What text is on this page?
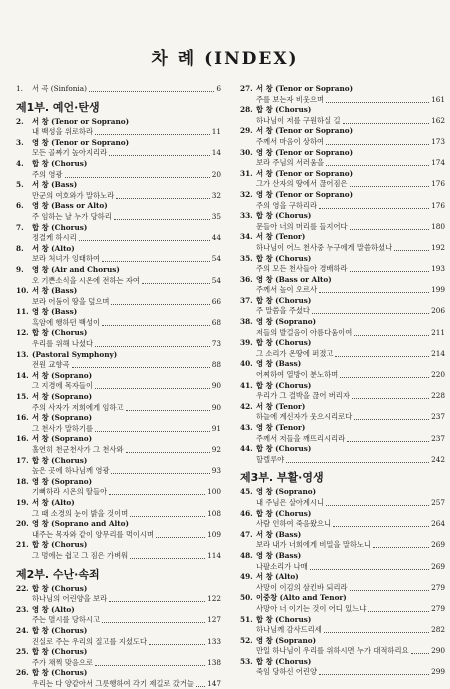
차 례 (INDEX)
1. 서 곡 (Sinfonia)	6
제1부. 예언·탄생
2. 서 창 (Tenor or Soprano)
내 백성을 위로하라	11
3. 영 창 (Tenor or Soprano)
모든 골짜기 높아지리라	14
4. 합 창 (Chorus)
주의 영광	20
5. 서 창 (Bass)
만군의 여호와가 말하노라	32
6. 영 창 (Bass or Alto)
주 임하는 날 누가 당하리	35
7. 합 창 (Chorus)
정결케 하시리	44
8. 서 창 (Alto)
보라 처녀가 잉태하여	54
9. 영 창 (Air and Chorus)
오 기쁜소식을 시온에 전하는 자여	54
10. 서 창 (Bass)
보라 어둠이 땅을 덮으며	66
11. 영 창 (Bass)
흑암에 행하던 백성이	68
12. 합 창 (Chorus)
우리를 위해 나셨다	73
13. (Pastoral Symphony)
전원 교향곡	88
14. 서 창 (Soprano)
그 지경에 목자들이	90
15. 서 창 (Soprano)
주의 사자가 저희에게 임하고	90
16. 서 창 (Soprano)
그 천사가 말하기를	91
16. 서 창 (Soprano)
홀연히 천군천사가 그 천사와	92
17. 합 창 (Chorus)
높은 곳에 하나님께 영광	93
18. 영 창 (Soprano)
기뻐하라 시온의 딸들아	100
19. 서 창 (Alto)
그 때 소경의 눈이 밝을 것이며	108
20. 영 창 (Soprano and Alto)
내주는 목자와 같이 양무리를 먹이시며	109
21. 합 창 (Chorus)
그 멍에는 쉽고 그 짐은 가벼워	114
제2부. 수난·속죄
22. 합 창 (Chorus)
하나님의 어린양을 보라	122
23. 영 창 (Alto)
주는 멸시를 당하시고	127
24. 합 창 (Chorus)
진실로 주는 우리의 질고를 지셨도다	133
25. 합 창 (Chorus)
주가 채찍 맞음으로	138
26. 합 창 (Chorus)
우리는 다 양같아서 그릇행하여 각기 제길로 갔거늘 147
27. 서 창 (Tenor or Soprano)
주를 보는자 비웃으며	161
28. 합 창 (Chorus)
하나님이 저를 구원하실 길	162
29. 서 창 (Tenor or Soprano)
주께서 마음이 상하여	173
30. 영 창 (Tenor or Soprano)
보라 주님의 서러움을	174
31. 서 창 (Tenor or Soprano)
그가 산자의 땅에서 끊어짐은	176
32. 영 창 (Tenor or Soprano)
주의 영을 구하리라	176
33. 합 창 (Chorus)
문들아 너의 머리를 들지어다	180
34. 서 창 (Tenor)
하나님이 어느 천사중 누구에게 말씀하셨나	192
35. 합 창 (Chorus)
주의 모든 천사들아 경배하라	193
36. 영 창 (Bass or Alto)
주께서 높이 오르사	199
37. 합 창 (Chorus)
주 말씀을 주셨다	206
38. 영 창 (Soprano)
저들의 발걸음이 아름다움이여	211
39. 합 창 (Chorus)
그 소리가 온땅에 퍼졌고	214
40. 영 창 (Bass)
어찌하여 열방이 분노하며	220
41. 합 창 (Chorus)
우리가 그 결박을 끊어 버리자	228
42. 서 창 (Tenor)
하늘에 계신자가 웃으시리로다	237
43. 영 창 (Tenor)
주께서 저들을 깨뜨리시리라	237
44. 합 창 (Chorus)
할렐루야	242
제3부. 부활·영생
45. 영 창 (Soprano)
내 주님은 살아계시니	257
46. 합 창 (Chorus)
사람 인하여 죽음왔으니	264
47. 서 창 (Bass)
보라 내가 너희에게 비밀을 말하노니	269
48. 영 창 (Bass)
나팔소리가 나매	269
49. 서 창 (Alto)
사망이 이김의 삼킨바 되리라	279
50. 이중창 (Alto and Tenor)
사망아 너 이기는 것이 어디 있느냐	279
51. 합 창 (Chorus)
하나님께 감사드리세	282
52. 영 창 (Soprano)
만일 하나님이 우리를 위하시면 누가 대적하리요	290
53. 합 창 (Chorus)
죽임 당하신 어린양	299
